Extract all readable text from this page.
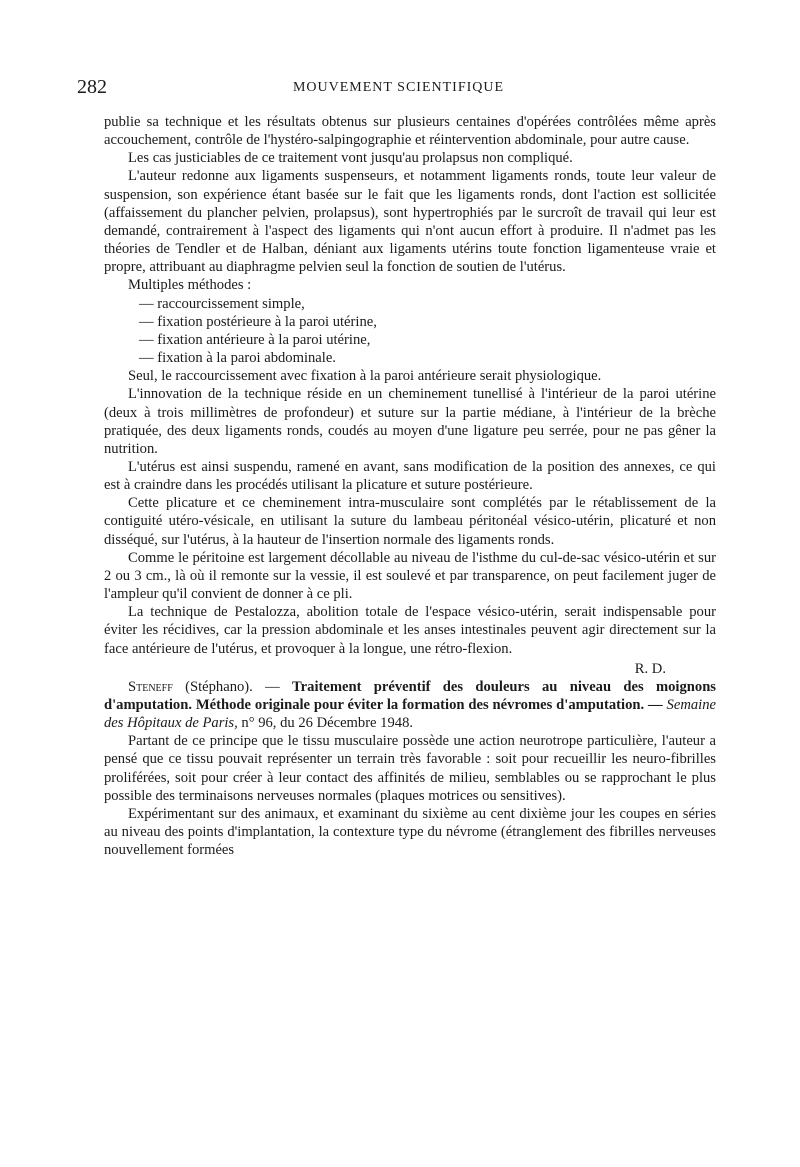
282	MOUVEMENT SCIENTIFIQUE

publie sa technique et les résultats obtenus sur plusieurs centaines d'opérées contrôlées même après accouchement, contrôle de l'hystéro-salpingographie et réintervention abdominale, pour autre cause.

Les cas justiciables de ce traitement vont jusqu'au prolapsus non compliqué.

L'auteur redonne aux ligaments suspenseurs, et notamment ligaments ronds, toute leur valeur de suspension, son expérience étant basée sur le fait que les ligaments ronds, dont l'action est sollicitée (affaissement du plancher pelvien, prolapsus), sont hypertrophiés par le surcroît de travail qui leur est demandé, contrairement à l'aspect des ligaments qui n'ont aucun effort à produire. Il n'admet pas les théories de Tendler et de Halban, déniant aux ligaments utérins toute fonction ligamenteuse vraie et propre, attribuant au diaphragme pelvien seul la fonction de soutien de l'utérus.

Multiples méthodes :

— raccourcissement simple,
— fixation postérieure à la paroi utérine,
— fixation antérieure à la paroi utérine,
— fixation à la paroi abdominale.

Seul, le raccourcissement avec fixation à la paroi antérieure serait physiologique.

L'innovation de la technique réside en un cheminement tunellisé à l'intérieur de la paroi utérine (deux à trois millimètres de profondeur) et suture sur la partie médiane, à l'intérieur de la brèche pratiquée, des deux ligaments ronds, coudés au moyen d'une ligature peu serrée, pour ne pas gêner la nutrition.

L'utérus est ainsi suspendu, ramené en avant, sans modification de la position des annexes, ce qui est à craindre dans les procédés utilisant la plicature et suture postérieure.

Cette plicature et ce cheminement intra-musculaire sont complétés par le rétablissement de la contiguité utéro-vésicale, en utilisant la suture du lambeau péritonéal vésico-utérin, plicaturé et non disséqué, sur l'utérus, à la hauteur de l'insertion normale des ligaments ronds.

Comme le péritoine est largement décollable au niveau de l'isthme du cul-de-sac vésico-utérin et sur 2 ou 3 cm., là où il remonte sur la vessie, il est soulevé et par transparence, on peut facilement juger de l'ampleur qu'il convient de donner à ce pli.

La technique de Pestalozza, abolition totale de l'espace vésico-utérin, serait indispensable pour éviter les récidives, car la pression abdominale et les anses intestinales peuvent agir directement sur la face antérieure de l'utérus, et provoquer à la longue, une rétro-flexion.

R. D.

Steneff (Stéphano). — Traitement préventif des douleurs au niveau des moignons d'amputation. Méthode originale pour éviter la formation des névromes d'amputation. — Semaine des Hôpitaux de Paris, n° 96, du 26 Décembre 1948.

Partant de ce principe que le tissu musculaire possède une action neurotrope particulière, l'auteur a pensé que ce tissu pouvait représenter un terrain très favorable : soit pour recueillir les neuro-fibrilles proliférées, soit pour créer à leur contact des affinités de milieu, semblables ou se rapprochant le plus possible des terminaisons nerveuses normales (plaques motrices ou sensitives).

Expérimentant sur des animaux, et examinant du sixième au cent dixième jour les coupes en séries au niveau des points d'implantation, la contexture type du névrome (étranglement des fibrilles nerveuses nouvellement formées
